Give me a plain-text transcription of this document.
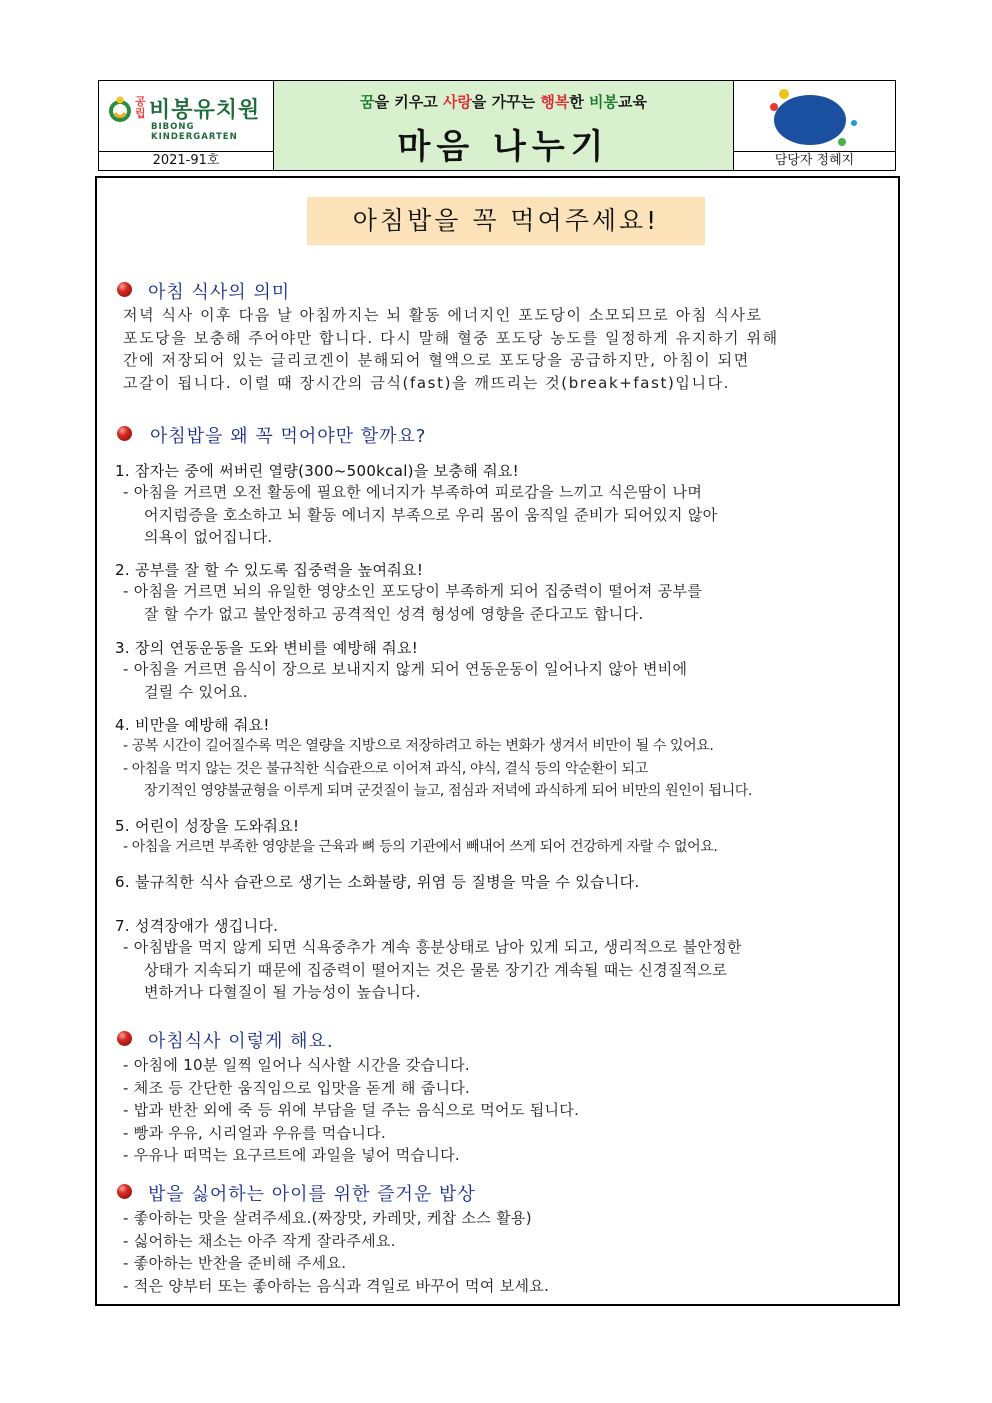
공립 비봉유치원
BIBONG KINDERGARTEN
2021-91호
꿈을 키우고 사랑을 가꾸는 행복한 비봉교육
마음 나누기	담당자 정혜지
아침밥을 꼭 먹여주세요!
아침 식사의 의미
저녁 식사 이후 다음 날 아침까지는 뇌 활동 에너지인 포도당이 소모되므로 아침 식사로
포도당을 보충해 주어야만 합니다. 다시 말해 혈중 포도당 농도를 일정하게 유지하기 위해
간에 저장되어 있는 글리코겐이 분해되어 혈액으로 포도당을 공급하지만, 아침이 되면
고갈이 됩니다. 이럴 때 장시간의 금식(fast)을 깨뜨리는 것(break+fast)입니다.
아침밥을 왜 꼭 먹어야만 할까요?
1. 잠자는 중에 써버린 열량(300~500kcal)을 보충해 줘요!
- 아침을 거르면 오전 활동에 필요한 에너지가 부족하여 피로감을 느끼고 식은땀이 나며
어지럼증을 호소하고 뇌 활동 에너지 부족으로 우리 몸이 움직일 준비가 되어있지 않아
의욕이 없어집니다.
2. 공부를 잘 할 수 있도록 집중력을 높여줘요!
- 아침을 거르면 뇌의 유일한 영양소인 포도당이 부족하게 되어 집중력이 떨어져 공부를
잘 할 수가 없고 불안정하고 공격적인 성격 형성에 영향을 준다고도 합니다.
3. 장의 연동운동을 도와 변비를 예방해 줘요!
- 아침을 거르면 음식이 장으로 보내지지 않게 되어 연동운동이 일어나지 않아 변비에
걸릴 수 있어요.
4. 비만을 예방해 줘요!
- 공복 시간이 길어질수록 먹은 열량을 지방으로 저장하려고 하는 변화가 생겨서 비만이 될 수 있어요.
- 아침을 먹지 않는 것은 불규칙한 식습관으로 이어져 과식, 야식, 결식 등의 악순환이 되고
장기적인 영양불균형을 이루게 되며 군것질이 늘고, 점심과 저녁에 과식하게 되어 비만의 원인이 됩니다.
5. 어린이 성장을 도와줘요!
- 아침을 거르면 부족한 영양분을 근육과 뼈 등의 기관에서 빼내어 쓰게 되어 건강하게 자랄 수 없어요.
6. 불규칙한 식사 습관으로 생기는 소화불량, 위염 등 질병을 막을 수 있습니다.
7. 성격장애가 생깁니다.
- 아침밥을 먹지 않게 되면 식욕중추가 계속 흥분상태로 남아 있게 되고, 생리적으로 불안정한
상태가 지속되기 때문에 집중력이 떨어지는 것은 물론 장기간 계속될 때는 신경질적으로
변하거나 다혈질이 될 가능성이 높습니다.
아침식사 이렇게 해요.
- 아침에 10분 일찍 일어나 식사할 시간을 갖습니다.
- 체조 등 간단한 움직임으로 입맛을 돋게 해 줍니다.
- 밥과 반찬 외에 죽 등 위에 부담을 덜 주는 음식으로 먹어도 됩니다.
- 빵과 우유, 시리얼과 우유를 먹습니다.
- 우유나 떠먹는 요구르트에 과일을 넣어 먹습니다.
밥을 싫어하는 아이를 위한 즐거운 밥상
- 좋아하는 맛을 살려주세요.(짜장맛, 카레맛, 케찹 소스 활용)
- 싫어하는 채소는 아주 작게 잘라주세요.
- 좋아하는 반찬을 준비해 주세요.
- 적은 양부터 또는 좋아하는 음식과 격일로 바꾸어 먹여 보세요.
